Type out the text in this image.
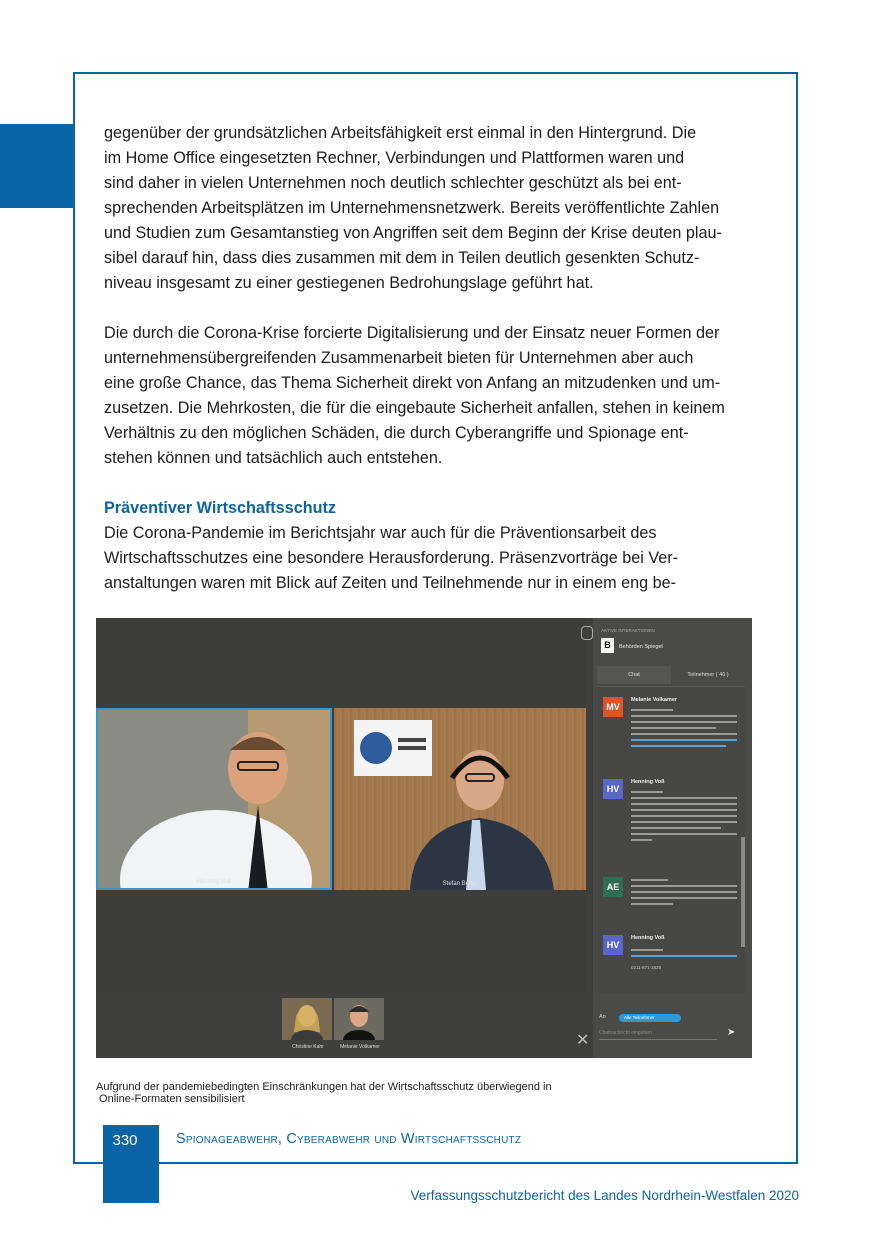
gegenüber der grundsätzlichen Arbeitsfähigkeit erst einmal in den Hintergrund. Die

im Home Office eingesetzten Rechner, Verbindungen und Plattformen waren und

sind daher in vielen Unternehmen noch deutlich schlechter geschützt als bei ent-

sprechenden Arbeitsplätzen im Unternehmensnetzwerk. Bereits veröffentlichte Zahlen

und Studien zum Gesamtanstieg von Angriffen seit dem Beginn der Krise deuten plau-

sibel darauf hin, dass dies zusammen mit dem in Teilen deutlich gesenkten Schutz-

niveau insgesamt zu einer gestiegenen Bedrohungslage geführt hat.

Die durch die Corona-Krise forcierte Digitalisierung und der Einsatz neuer Formen der

unternehmensübergreifenden Zusammenarbeit bieten für Unternehmen aber auch

eine große Chance, das Thema Sicherheit direkt von Anfang an mitzudenken und um-

zusetzen. Die Mehrkosten, die für die eingebaute Sicherheit anfallen, stehen in keinem

Verhältnis zu den möglichen Schäden, die durch Cyberangriffe und Spionage ent-

stehen können und tatsächlich auch entstehen.

Präventiver Wirtschaftsschutz

Die Corona-Pandemie im Berichtsjahr war auch für die Präventionsarbeit des

Wirtschaftsschutzes eine besondere Herausforderung. Präsenzvorträge bei Ver-

anstaltungen waren mit Blick auf Zeiten und Teilnehmende nur in einem eng be-

Henning Voß	Stefan Berke
Christine Kahr	Melanie Volkamer	✕
AKTIVE INTERAKTIONEN
B	Behörden Spiegel
Chat	Teilnehmer ( 46 )
MV
Melanie Volkamer
HV
Henning Voß
AE
HV
Henning Voß
0211-871-2828
An	Alle Teilnehmer
Chatnachricht eingeben	➤
Aufgrund der pandemiebedingten Einschränkungen hat der Wirtschaftsschutz überwiegend in
Online-Formaten sensibilisiert
330	Spionageabwehr, Cyberabwehr und Wirtschaftsschutz
Verfassungsschutzbericht des Landes Nordrhein-Westfalen 2020
